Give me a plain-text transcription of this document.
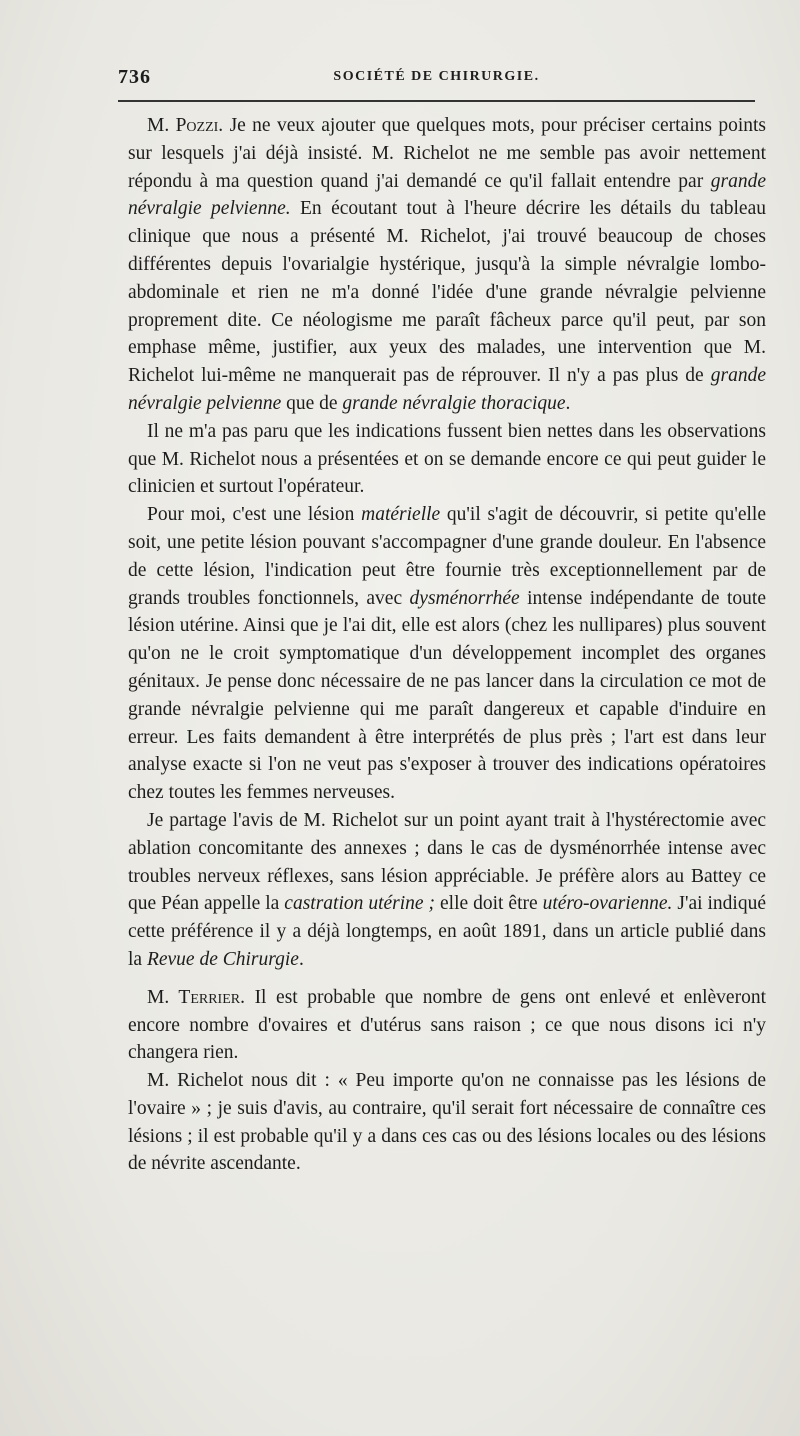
736	SOCIÉTÉ DE CHIRURGIE.

M. Pozzi. Je ne veux ajouter que quelques mots, pour préciser certains points sur lesquels j'ai déjà insisté. M. Richelot ne me semble pas avoir nettement répondu à ma question quand j'ai demandé ce qu'il fallait entendre par grande névralgie pelvienne. En écoutant tout à l'heure décrire les détails du tableau clinique que nous a présenté M. Richelot, j'ai trouvé beaucoup de choses différentes depuis l'ovarialgie hystérique, jusqu'à la simple névralgie lombo-abdominale et rien ne m'a donné l'idée d'une grande névralgie pelvienne proprement dite. Ce néologisme me paraît fâcheux parce qu'il peut, par son emphase même, justifier, aux yeux des malades, une intervention que M. Richelot lui-même ne manquerait pas de réprouver. Il n'y a pas plus de grande névralgie pelvienne que de grande névralgie thoracique.

Il ne m'a pas paru que les indications fussent bien nettes dans les observations que M. Richelot nous a présentées et on se demande encore ce qui peut guider le clinicien et surtout l'opérateur.

Pour moi, c'est une lésion matérielle qu'il s'agit de découvrir, si petite qu'elle soit, une petite lésion pouvant s'accompagner d'une grande douleur. En l'absence de cette lésion, l'indication peut être fournie très exceptionnellement par de grands troubles fonctionnels, avec dysménorrhée intense indépendante de toute lésion utérine. Ainsi que je l'ai dit, elle est alors (chez les nullipares) plus souvent qu'on ne le croit symptomatique d'un développement incomplet des organes génitaux. Je pense donc nécessaire de ne pas lancer dans la circulation ce mot de grande névralgie pelvienne qui me paraît dangereux et capable d'induire en erreur. Les faits demandent à être interprétés de plus près ; l'art est dans leur analyse exacte si l'on ne veut pas s'exposer à trouver des indications opératoires chez toutes les femmes nerveuses.

Je partage l'avis de M. Richelot sur un point ayant trait à l'hystérectomie avec ablation concomitante des annexes ; dans le cas de dysménorrhée intense avec troubles nerveux réflexes, sans lésion appréciable. Je préfère alors au Battey ce que Péan appelle la castration utérine ; elle doit être utéro-ovarienne. J'ai indiqué cette préférence il y a déjà longtemps, en août 1891, dans un article publié dans la Revue de Chirurgie.

M. Terrier. Il est probable que nombre de gens ont enlevé et enlèveront encore nombre d'ovaires et d'utérus sans raison ; ce que nous disons ici n'y changera rien.

M. Richelot nous dit : « Peu importe qu'on ne connaisse pas les lésions de l'ovaire » ; je suis d'avis, au contraire, qu'il serait fort nécessaire de connaître ces lésions ; il est probable qu'il y a dans ces cas ou des lésions locales ou des lésions de névrite ascendante.
